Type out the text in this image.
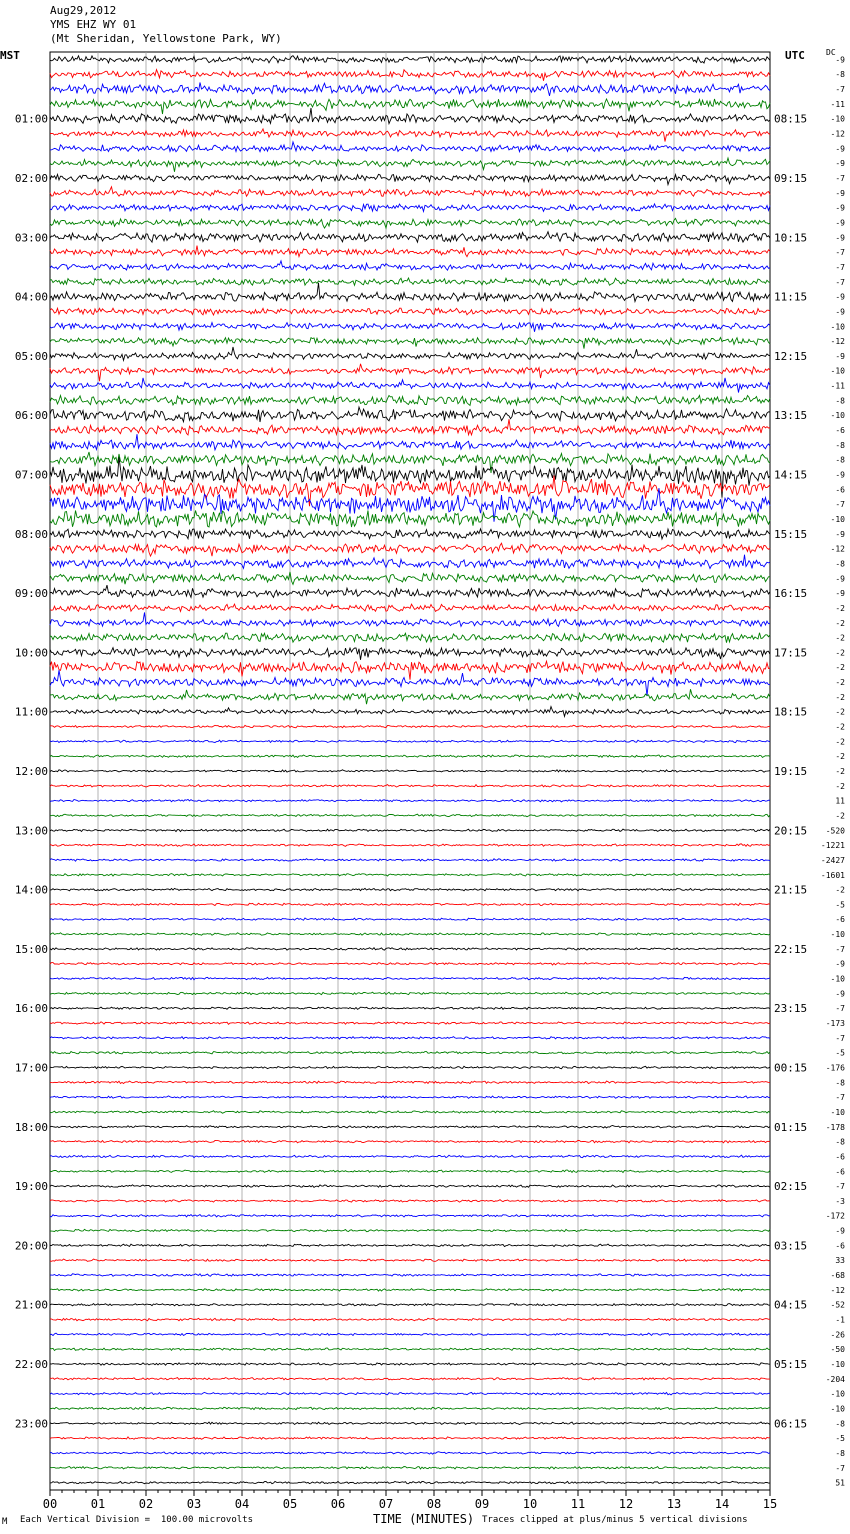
Aug29,2012
YMS EHZ WY 01
(Mt Sheridan, Yellowstone Park, WY)
MST	UTC	DC
00	01	02	03	04	05	06	07	08	09	10	11	12	13	14	15
-9
-8
-7
-11
-10
01:00	08:15
-12
-9
-9
-7
02:00	09:15
-9
-9
-9
-9
03:00	10:15
-7
-7
-7
-9
04:00	11:15
-9
-10
-12
-9
05:00	12:15
-10
-11
-8
-10
06:00	13:15
-6
-8
-8
-9
07:00	14:15
-6
-7
-10
-9
08:00	15:15
-12
-8
-9
-9
09:00	16:15
-2
-2
-2
-2
10:00	17:15
-2
-2
-2
-2
11:00	18:15
-2
-2
-2
-2
12:00	19:15
-2
11
-2
-520
13:00	20:15
-1221
-2427
-1601
-2
14:00	21:15
-5
-6
-10
-7
15:00	22:15
-9
-10
-9
-7
16:00	23:15
-173
-7
-5
-176
17:00	00:15
-8
-7
-10
-178
18:00	01:15
-8
-6
-6
-7
19:00	02:15
-3
-172
-9
-6
20:00	03:15
33
-68
-12
-52
21:00	04:15
-1
-26
-50
-10
22:00	05:15
-204
-10
-10
-8
23:00	06:15
-5
-8
-7
51
M Each Vertical Division =  100.00 microvolts	TIME (MINUTES) Traces clipped at plus/minus 5 vertical divisions
